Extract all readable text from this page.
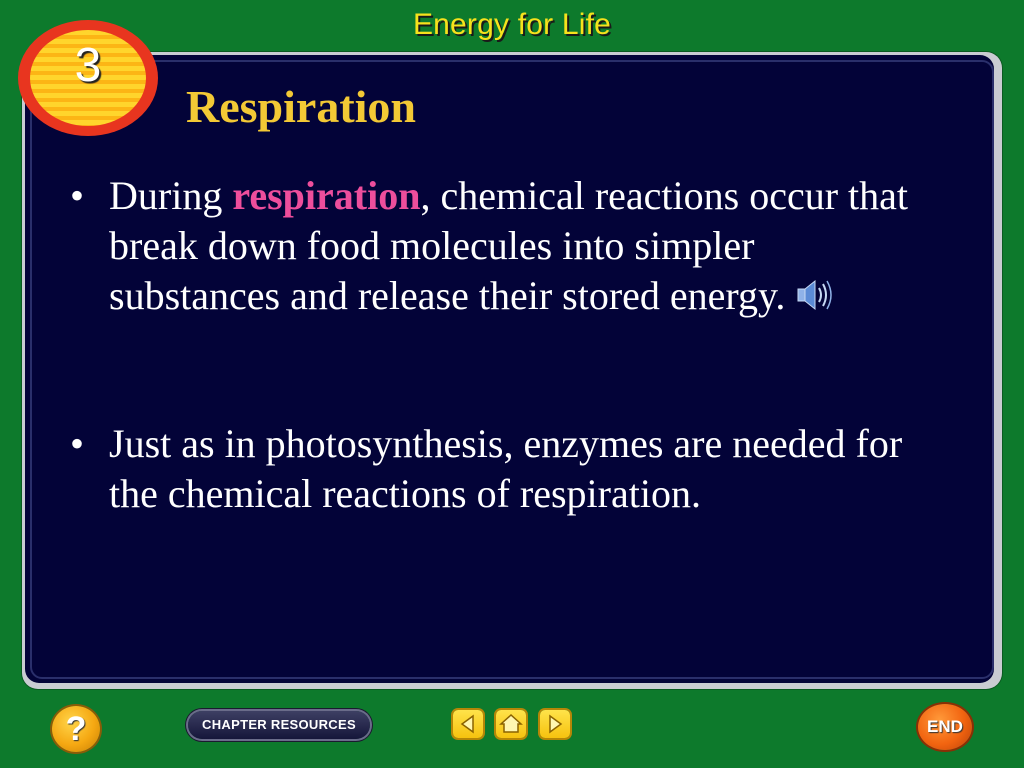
Energy for Life
3
Respiration
• During respiration, chemical reactions occur that break down food molecules into simpler substances and release their stored energy.
• Just as in photosynthesis, enzymes are needed for the chemical reactions of respiration.
?	CHAPTER RESOURCES	END
